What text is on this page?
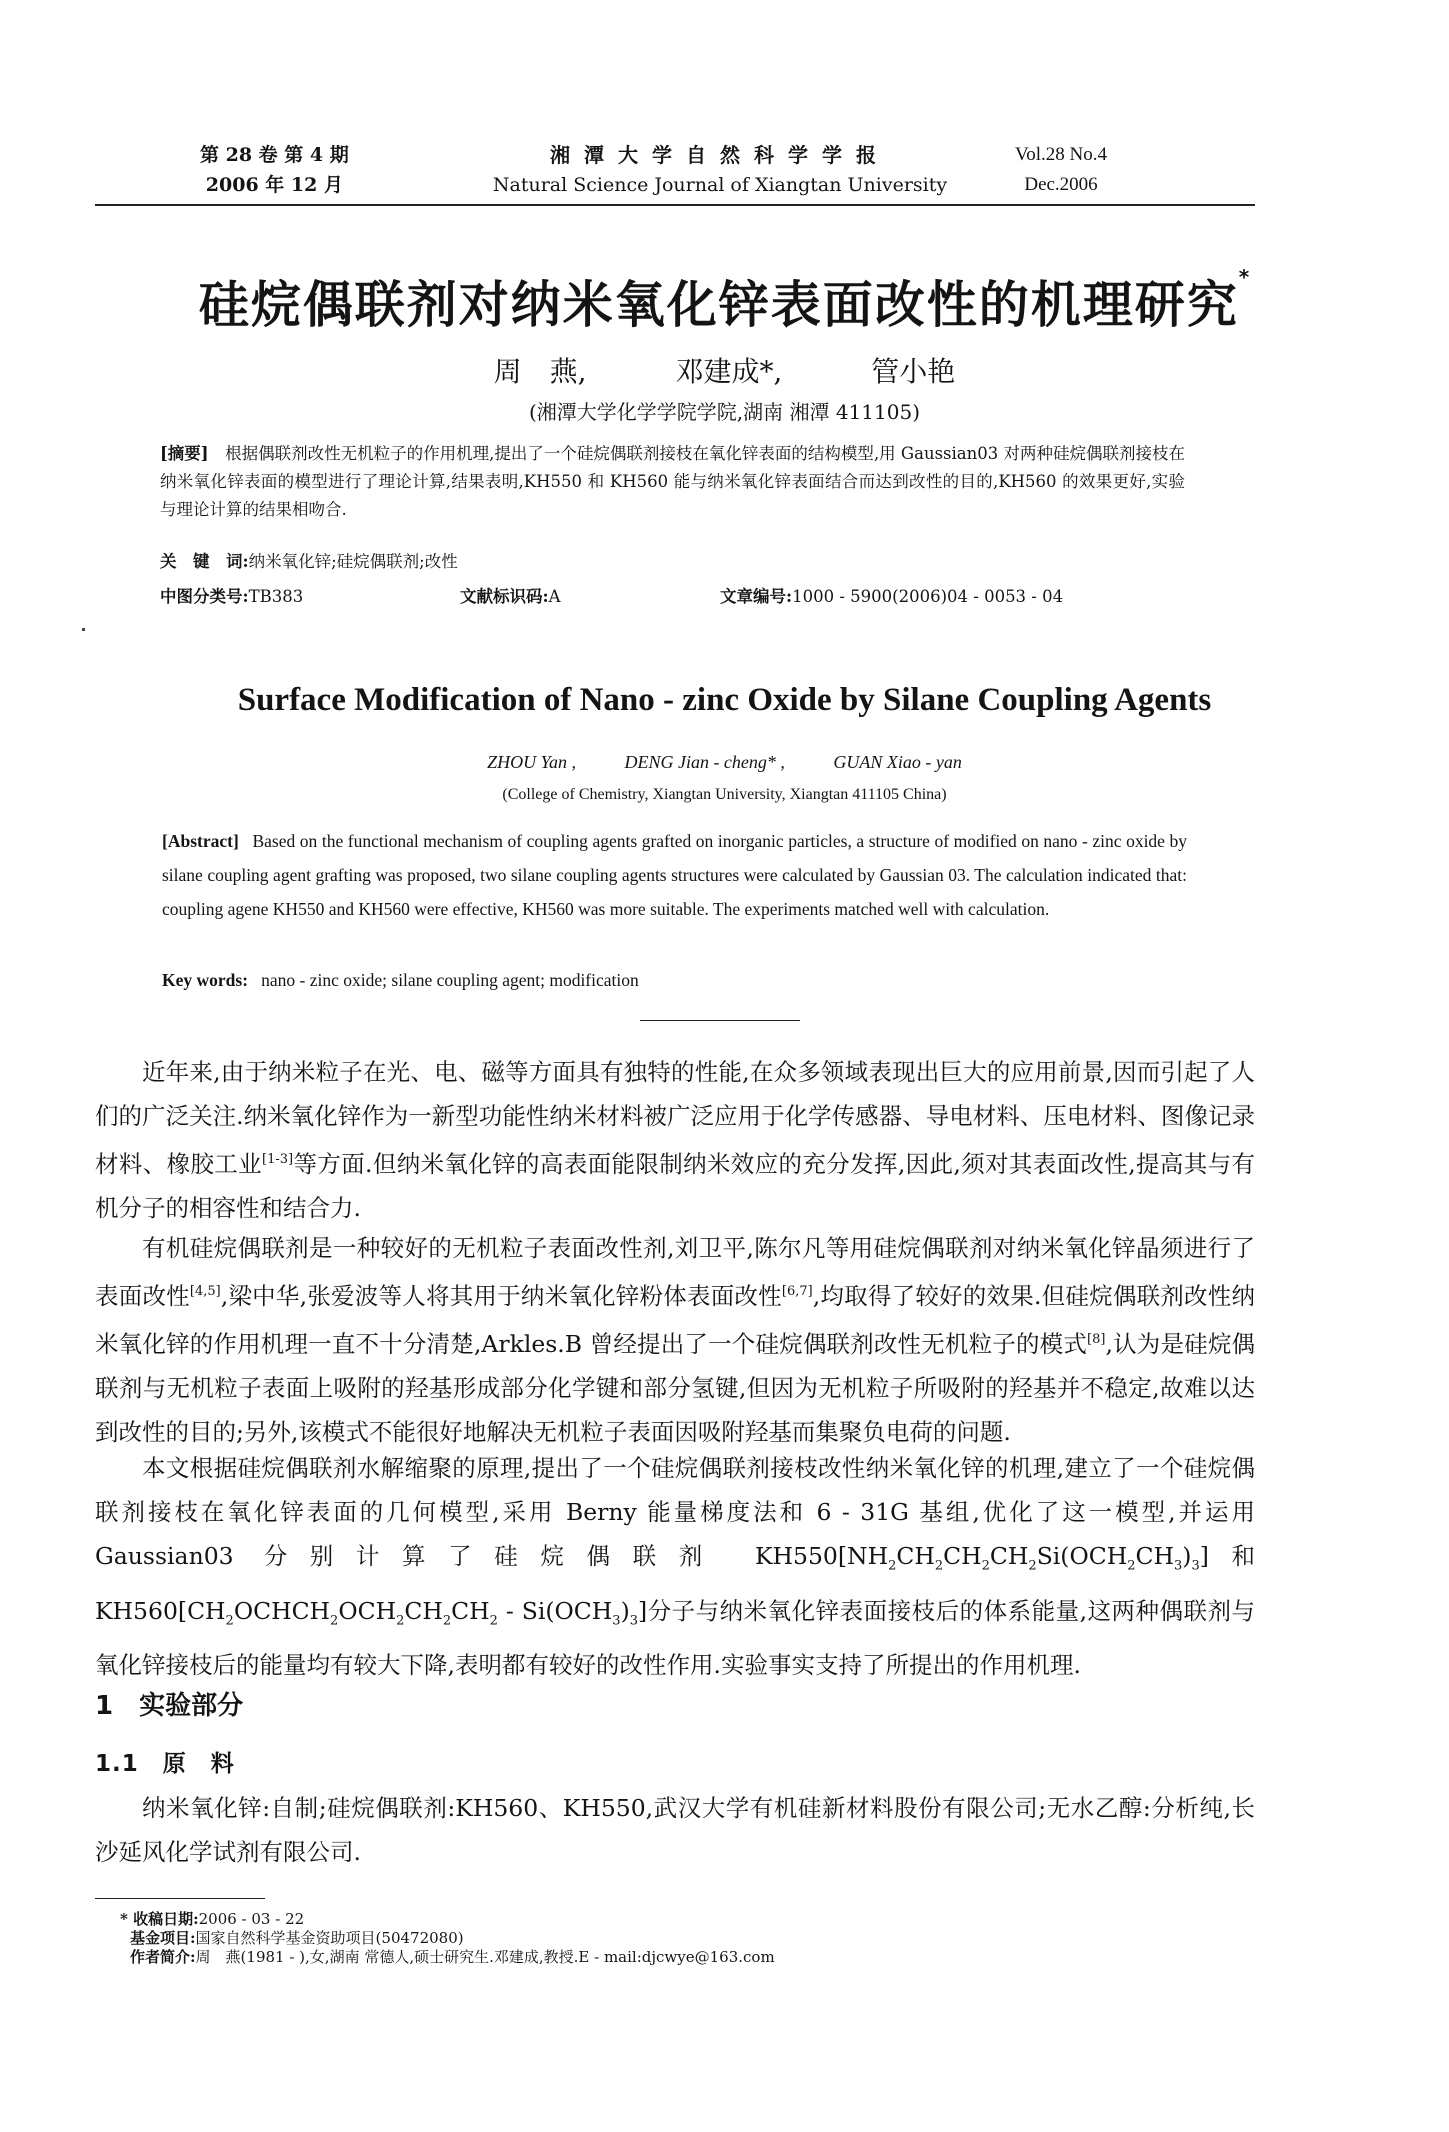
第 28 卷 第 4 期
2006 年 12 月
湘潭大学自然科学学报
Natural Science Journal of Xiangtan University
Vol.28 No.4
Dec.2006
硅烷偶联剂对纳米氧化锌表面改性的机理研究*
周　燕,	邓建成*,	管小艳
(湘潭大学化学学院学院,湖南 湘潭 411105)
[摘要]　 根据偶联剂改性无机粒子的作用机理,提出了一个硅烷偶联剂接枝在氧化锌表面的结构模型,用 Gaussian03 对两种硅烷偶联剂接枝在纳米氧化锌表面的模型进行了理论计算,结果表明,KH550 和 KH560 能与纳米氧化锌表面结合而达到改性的目的,KH560 的效果更好,实验与理论计算的结果相吻合.
关　键　词:纳米氧化锌;硅烷偶联剂;改性
中图分类号:TB383	文献标识码:A	文章编号:1000 - 5900(2006)04 - 0053 - 04
Surface Modification of Nano - zinc Oxide by Silane Coupling Agents
ZHOU Yan ,	DENG Jian - cheng* ,	GUAN Xiao - yan
(College of Chemistry, Xiangtan University, Xiangtan 411105 China)
[Abstract] Based on the functional mechanism of coupling agents grafted on inorganic particles, a structure of modified on nano - zinc oxide by silane coupling agent grafting was proposed, two silane coupling agents structures were calculated by Gaussian 03. The calculation indicated that: coupling agene KH550 and KH560 were effective, KH560 was more suitable. The experiments matched well with calculation.
Key words: nano - zinc oxide; silane coupling agent; modification

近年来,由于纳米粒子在光、电、磁等方面具有独特的性能,在众多领域表现出巨大的应用前景,因而引起了人们的广泛关注.纳米氧化锌作为一新型功能性纳米材料被广泛应用于化学传感器、导电材料、压电材料、图像记录材料、橡胶工业[1-3]等方面.但纳米氧化锌的高表面能限制纳米效应的充分发挥,因此,须对其表面改性,提高其与有机分子的相容性和结合力.

有机硅烷偶联剂是一种较好的无机粒子表面改性剂,刘卫平,陈尔凡等用硅烷偶联剂对纳米氧化锌晶须进行了表面改性[4,5],梁中华,张爱波等人将其用于纳米氧化锌粉体表面改性[6,7],均取得了较好的效果.但硅烷偶联剂改性纳米氧化锌的作用机理一直不十分清楚,Arkles.B 曾经提出了一个硅烷偶联剂改性无机粒子的模式[8],认为是硅烷偶联剂与无机粒子表面上吸附的羟基形成部分化学键和部分氢键,但因为无机粒子所吸附的羟基并不稳定,故难以达到改性的目的;另外,该模式不能很好地解决无机粒子表面因吸附羟基而集聚负电荷的问题.

本文根据硅烷偶联剂水解缩聚的原理,提出了一个硅烷偶联剂接枝改性纳米氧化锌的机理,建立了一个硅烷偶联剂接枝在氧化锌表面的几何模型,采用 Berny 能量梯度法和 6 - 31G 基组,优化了这一模型,并运用 Gaussian03 分别计算了硅烷偶联剂 $KH550[NH_2CH_2CH_2CH_2Si(OCH_2CH_3)_3]$和 $KH560[CH_2OCHCH_2OCH_2CH_2CH_2 - Si(OCH_3)_3]$分子与纳米氧化锌表面接枝后的体系能量,这两种偶联剂与氧化锌接枝后的能量均有较大下降,表明都有较好的改性作用.实验事实支持了所提出的作用机理.

1　实验部分
1.1　原　料

纳米氧化锌:自制;硅烷偶联剂:KH560、KH550,武汉大学有机硅新材料股份有限公司;无水乙醇:分析纯,长沙延风化学试剂有限公司.

* 收稿日期:2006 - 03 - 22
基金项目:国家自然科学基金资助项目(50472080)
作者简介:周　燕(1981 - ),女,湖南 常德人,硕士研究生.邓建成,教授.E - mail:djcwye@163.com
